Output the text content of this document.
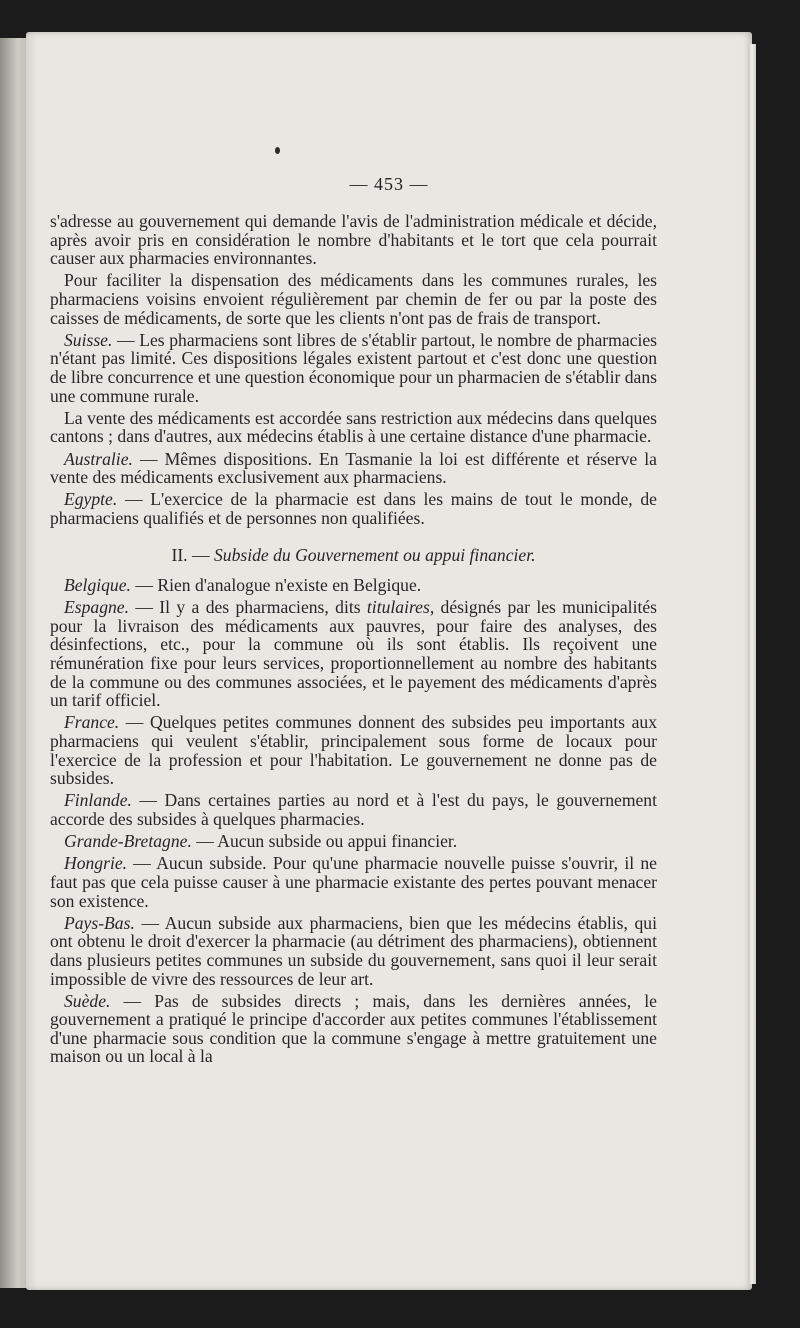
— 453 —

s'adresse au gouvernement qui demande l'avis de l'administration médicale et décide, après avoir pris en considération le nombre d'habitants et le tort que cela pourrait causer aux pharmacies environnantes.

Pour faciliter la dispensation des médicaments dans les communes rurales, les pharmaciens voisins envoient régulièrement par chemin de fer ou par la poste des caisses de médicaments, de sorte que les clients n'ont pas de frais de transport.

Suisse. — Les pharmaciens sont libres de s'établir partout, le nombre de pharmacies n'étant pas limité. Ces dispositions légales existent partout et c'est donc une question de libre concurrence et une question économique pour un pharmacien de s'établir dans une commune rurale.

La vente des médicaments est accordée sans restriction aux médecins dans quelques cantons ; dans d'autres, aux médecins établis à une certaine distance d'une pharmacie.

Australie. — Mêmes dispositions. En Tasmanie la loi est différente et réserve la vente des médicaments exclusivement aux pharmaciens.

Egypte. — L'exercice de la pharmacie est dans les mains de tout le monde, de pharmaciens qualifiés et de personnes non qualifiées.

II. — Subside du Gouvernement ou appui financier.

Belgique. — Rien d'analogue n'existe en Belgique.

Espagne. — Il y a des pharmaciens, dits titulaires, désignés par les municipalités pour la livraison des médicaments aux pauvres, pour faire des analyses, des désinfections, etc., pour la commune où ils sont établis. Ils reçoivent une rémunération fixe pour leurs services, proportionnellement au nombre des habitants de la commune ou des communes associées, et le payement des médicaments d'après un tarif officiel.

France. — Quelques petites communes donnent des subsides peu importants aux pharmaciens qui veulent s'établir, principalement sous forme de locaux pour l'exercice de la profession et pour l'habitation. Le gouvernement ne donne pas de subsides.

Finlande. — Dans certaines parties au nord et à l'est du pays, le gouvernement accorde des subsides à quelques pharmacies.

Grande-Bretagne. — Aucun subside ou appui financier.

Hongrie. — Aucun subside. Pour qu'une pharmacie nouvelle puisse s'ouvrir, il ne faut pas que cela puisse causer à une pharmacie existante des pertes pouvant menacer son existence.

Pays-Bas. — Aucun subside aux pharmaciens, bien que les médecins établis, qui ont obtenu le droit d'exercer la pharmacie (au détriment des pharmaciens), obtiennent dans plusieurs petites communes un subside du gouvernement, sans quoi il leur serait impossible de vivre des ressources de leur art.

Suède. — Pas de subsides directs ; mais, dans les dernières années, le gouvernement a pratiqué le principe d'accorder aux petites communes l'établissement d'une pharmacie sous condition que la commune s'engage à mettre gratuitement une maison ou un local à la
